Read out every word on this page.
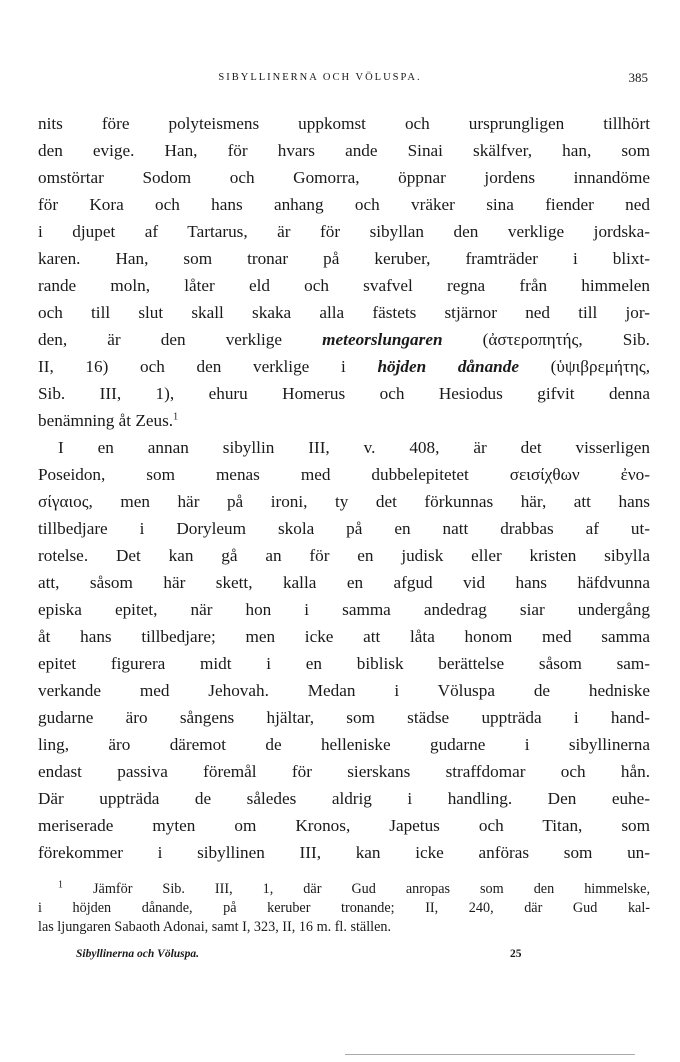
SIBYLLINERNA OCH VÖLUSPA.	385
nits före polyteismens uppkomst och ursprungligen tillhört
den evige. Han, för hvars ande Sinai skälfver, han, som
omstörtar Sodom och Gomorra, öppnar jordens innandöme
för Kora och hans anhang och vräker sina fiender ned
i djupet af Tartarus, är för sibyllan den verklige jordska-
karen. Han, som tronar på keruber, framträder i blixt-
rande moln, låter eld och svafvel regna från himmelen
och till slut skall skaka alla fästets stjärnor ned till jor-
den, är den verklige meteorslungaren (ἀστεροπητής, Sib.
II, 16) och den verklige i höjden dånande (ὑψιβρεμήτης,
Sib. III, 1), ehuru Homerus och Hesiodus gifvit denna
benämning åt Zeus.$^1$
I en annan sibyllin III, v. 408, är det visserligen
Poseidon, som menas med dubbelepitetet σεισίχθων ἐνο-
σίγαιος, men här på ironi, ty det förkunnas här, att hans
tillbedjare i Doryleum skola på en natt drabbas af ut-
rotelse. Det kan gå an för en judisk eller kristen sibylla
att, såsom här skett, kalla en afgud vid hans häfdvunna
episka epitet, när hon i samma andedrag siar undergång
åt hans tillbedjare; men icke att låta honom med samma
epitet figurera midt i en biblisk berättelse såsom sam-
verkande med Jehovah. Medan i Völuspa de hedniske
gudarne äro sångens hjältar, som städse uppträda i hand-
ling, äro däremot de helleniske gudarne i sibyllinerna
endast passiva föremål för sierskans straffdomar och hån.
Där uppträda de således aldrig i handling. Den euhe-
meriserade myten om Kronos, Japetus och Titan, som
förekommer i sibyllinen III, kan icke anföras som un-
$^1$ Jämför Sib. III, 1, där Gud anropas som den himmelske,
i höjden dånande, på keruber tronande; II, 240, där Gud kal-
las ljungaren Sabaoth Adonai, samt I, 323, II, 16 m. fl. ställen.
Sibyllinerna och Völuspa.	25
